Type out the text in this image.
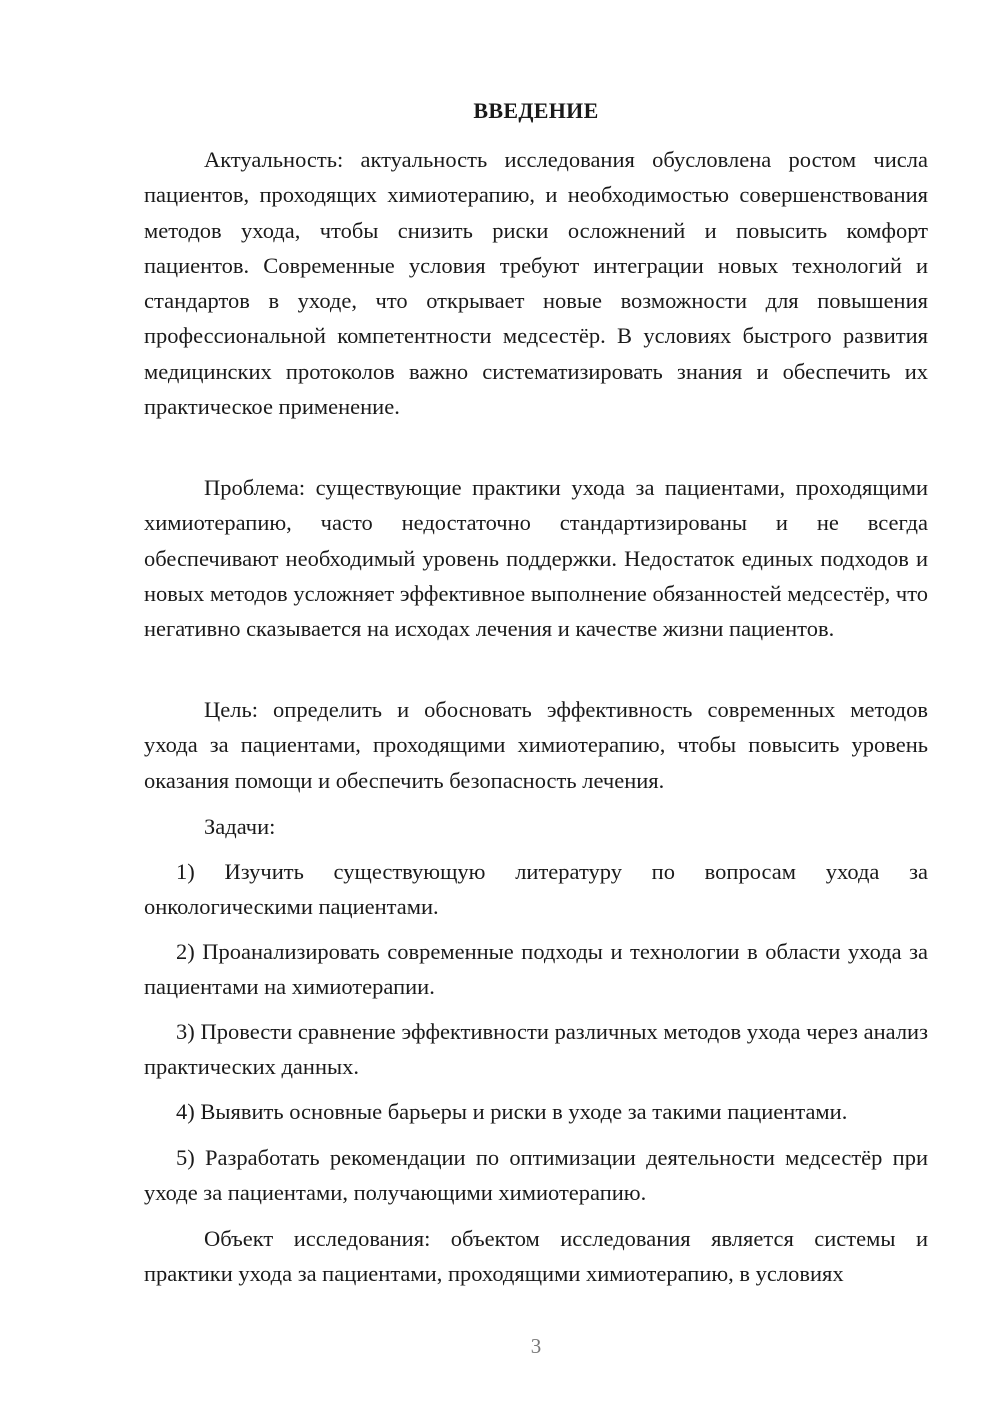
ВВЕДЕНИЕ

Актуальность: актуальность исследования обусловлена ростом числа пациентов, проходящих химиотерапию, и необходимостью совершенствования методов ухода, чтобы снизить риски осложнений и повысить комфорт пациентов. Современные условия требуют интеграции новых технологий и стандартов в уходе, что открывает новые возможности для повышения профессиональной компетентности медсестёр. В условиях быстрого развития медицинских протоколов важно систематизировать знания и обеспечить их практическое применение.

Проблема: существующие практики ухода за пациентами, проходящими химиотерапию, часто недостаточно стандартизированы и не всегда обеспечивают необходимый уровень поддержки. Недостаток единых подходов и новых методов усложняет эффективное выполнение обязанностей медсестёр, что негативно сказывается на исходах лечения и качестве жизни пациентов.

Цель: определить и обосновать эффективность современных методов ухода за пациентами, проходящими химиотерапию, чтобы повысить уровень оказания помощи и обеспечить безопасность лечения.

Задачи:

1) Изучить существующую литературу по вопросам ухода за онкологическими пациентами.

2) Проанализировать современные подходы и технологии в области ухода за пациентами на химиотерапии.

3) Провести сравнение эффективности различных методов ухода через анализ практических данных.

4) Выявить основные барьеры и риски в уходе за такими пациентами.

5) Разработать рекомендации по оптимизации деятельности медсестёр при уходе за пациентами, получающими химиотерапию.

Объект исследования: объектом исследования является системы и практики ухода за пациентами, проходящими химиотерапию, в условиях

3
